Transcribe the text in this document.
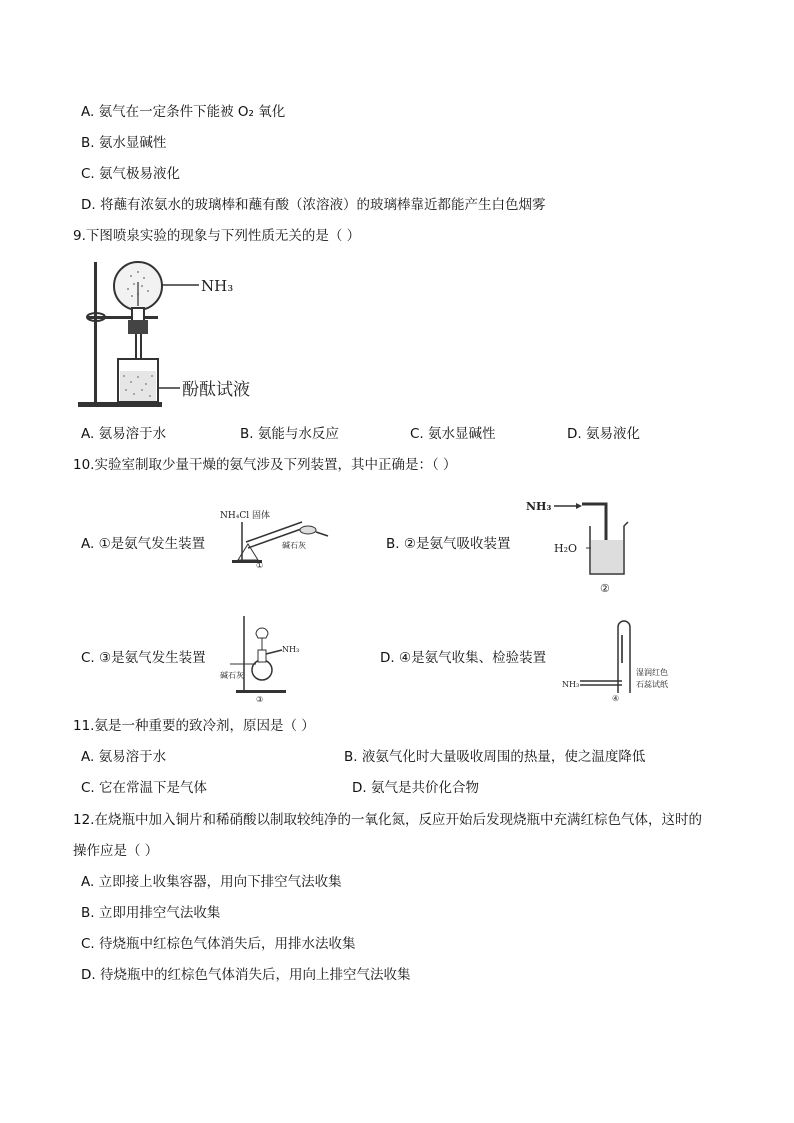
A. 氨气在一定条件下能被 O₂ 氧化
B. 氨水显碱性
C. 氨气极易液化
D. 将蘸有浓氨水的玻璃棒和蘸有酸（浓溶液）的玻璃棒靠近都能产生白色烟雾
9.下图喷泉实验的现象与下列性质无关的是（ ）
NH₃
酚酞试液
A. 氨易溶于水	B. 氨能与水反应	C. 氨水显碱性	D. 氨易液化
10.实验室制取少量干燥的氨气涉及下列装置，其中正确是：（ ）
A. ①是氨气发生装置
NH₄Cl 固体
碱石灰
①
B. ②是氨气吸收装置
NH₃
H₂O
②
C. ③是氨气发生装置
NH₃
碱石灰
③
D. ④是氨气收集、检验装置
NH₃
湿润红色
石蕊试纸
④
11.氨是一种重要的致冷剂，原因是（ ）
A. 氨易溶于水	B. 液氨气化时大量吸收周围的热量，使之温度降低
C. 它在常温下是气体	D. 氨气是共价化合物
12.在烧瓶中加入铜片和稀硝酸以制取较纯净的一氧化氮，反应开始后发现烧瓶中充满红棕色气体，这时的
操作应是（ ）
A. 立即接上收集容器，用向下排空气法收集
B. 立即用排空气法收集
C. 待烧瓶中红棕色气体消失后，用排水法收集
D. 待烧瓶中的红棕色气体消失后，用向上排空气法收集
